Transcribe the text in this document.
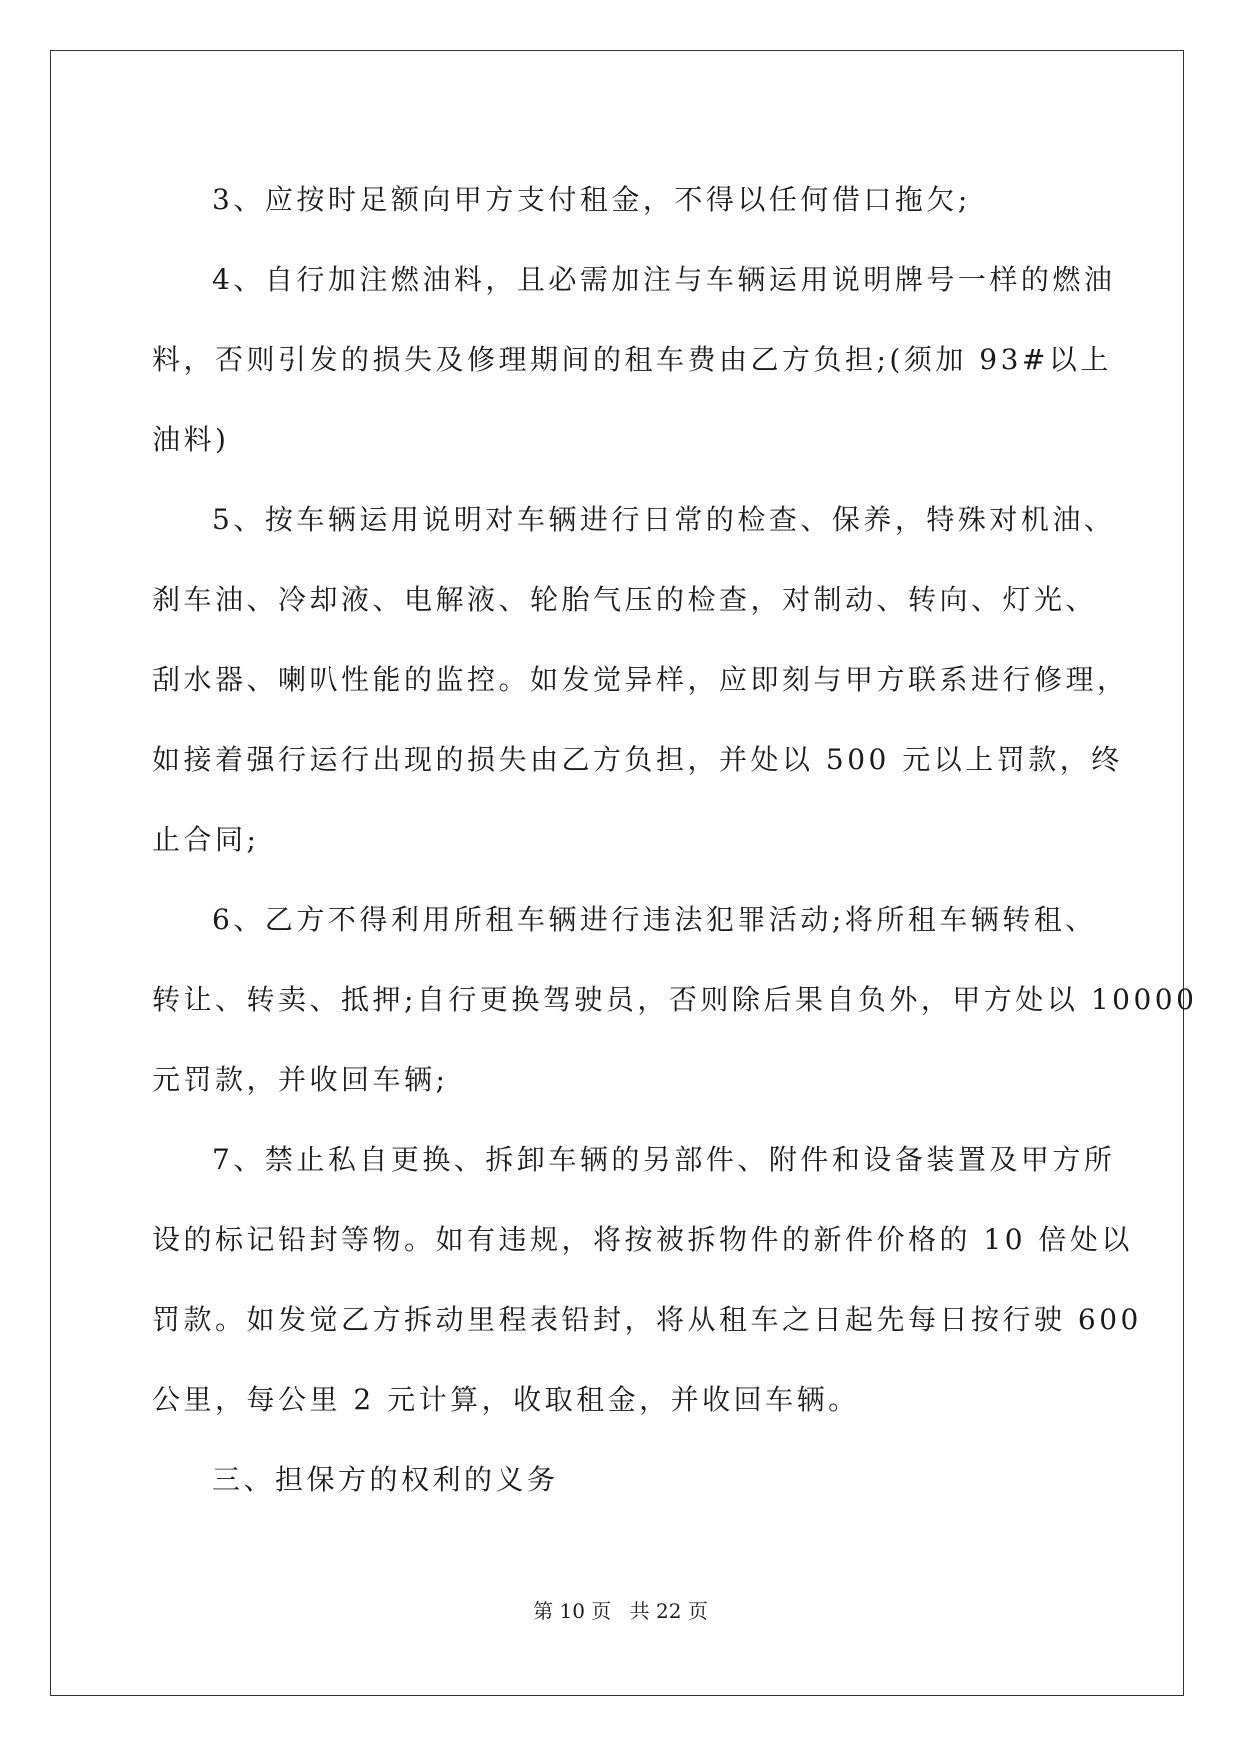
3、应按时足额向甲方支付租金，不得以任何借口拖欠;

4、自行加注燃油料，且必需加注与车辆运用说明牌号一样的燃油
料，否则引发的损失及修理期间的租车费由乙方负担;(须加 93#以上
油料)

5、按车辆运用说明对车辆进行日常的检查、保养，特殊对机油、
刹车油、冷却液、电解液、轮胎气压的检查，对制动、转向、灯光、
刮水器、喇叭性能的监控。如发觉异样，应即刻与甲方联系进行修理，
如接着强行运行出现的损失由乙方负担，并处以 500 元以上罚款，终
止合同;

6、乙方不得利用所租车辆进行违法犯罪活动;将所租车辆转租、
转让、转卖、抵押;自行更换驾驶员，否则除后果自负外，甲方处以 10000
元罚款，并收回车辆;

7、禁止私自更换、拆卸车辆的另部件、附件和设备装置及甲方所
设的标记铅封等物。如有违规，将按被拆物件的新件价格的 10 倍处以
罚款。如发觉乙方拆动里程表铅封，将从租车之日起先每日按行驶 600
公里，每公里 2 元计算，收取租金，并收回车辆。

三、担保方的权利的义务

第 10 页 共 22 页
